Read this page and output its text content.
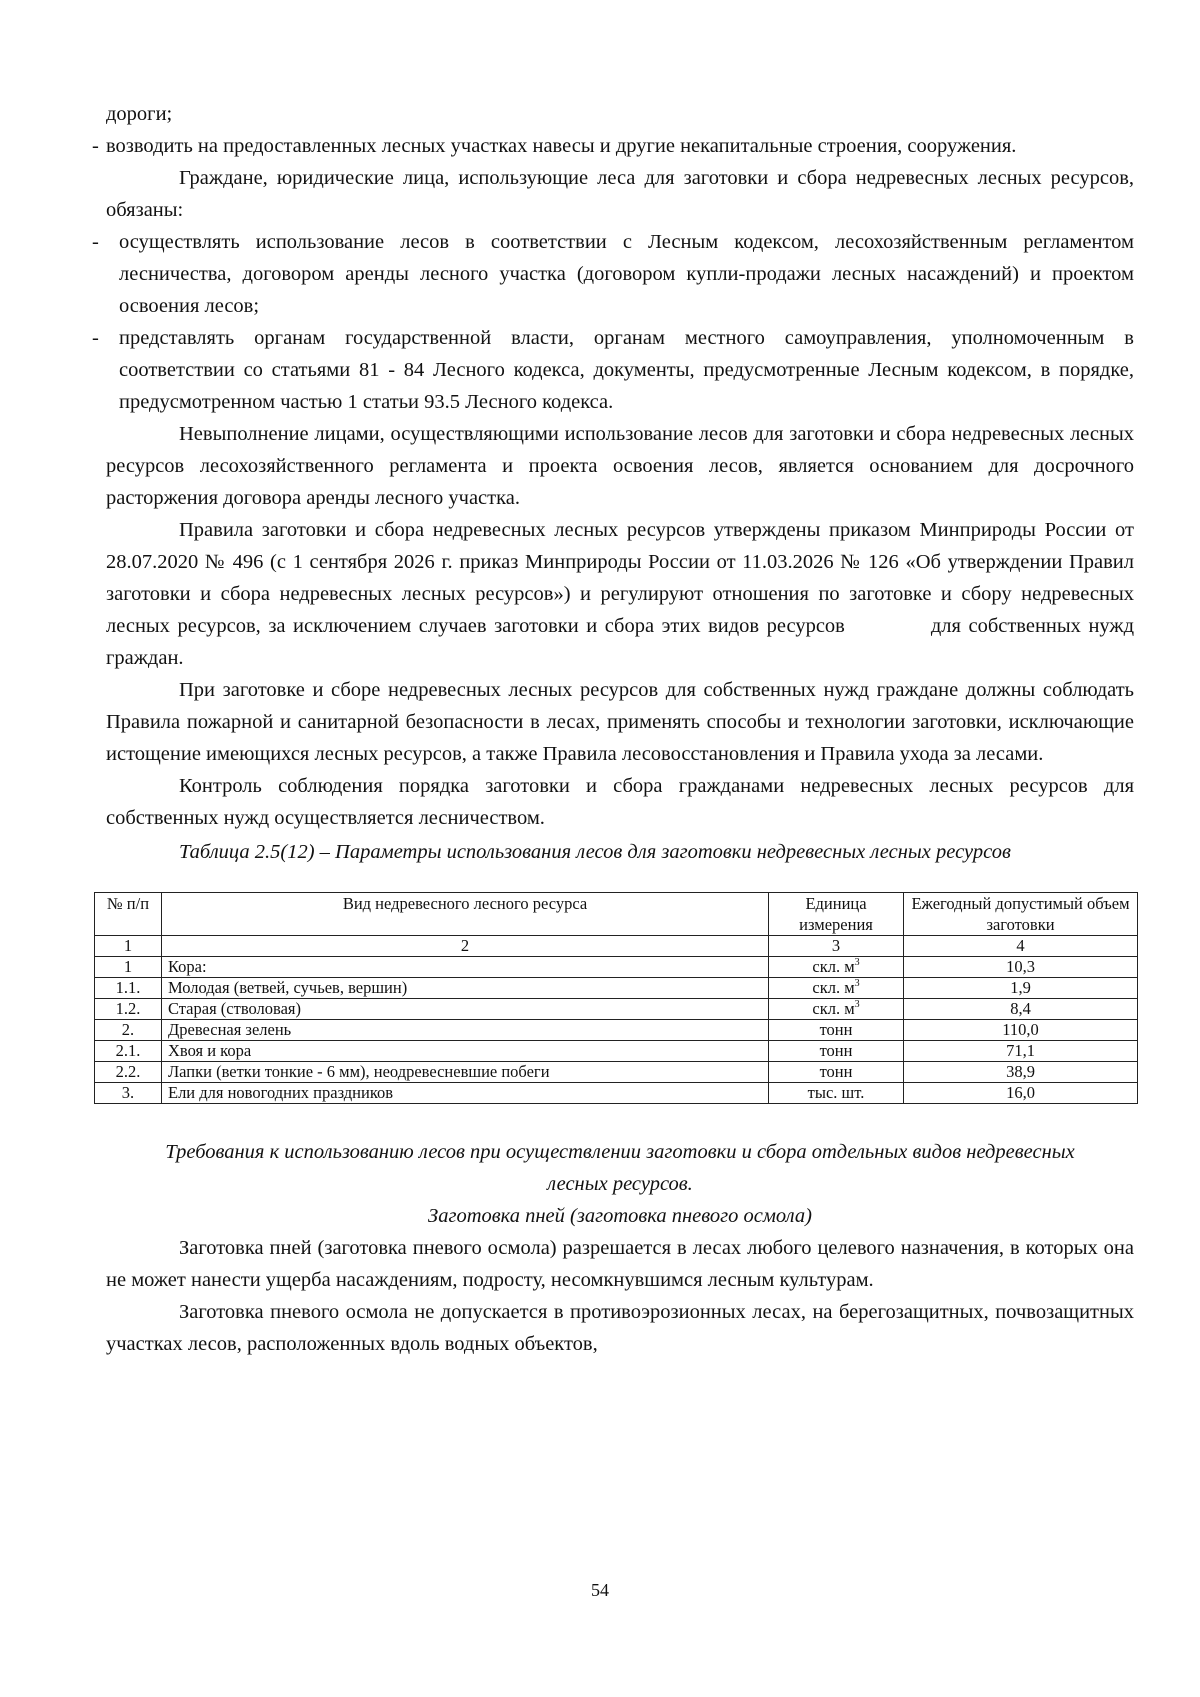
дороги;

- возводить на предоставленных лесных участках навесы и другие некапитальные строения, сооружения.

Граждане, юридические лица, использующие леса для заготовки и сбора недревесных лесных ресурсов, обязаны:

- осуществлять использование лесов в соответствии с Лесным кодексом, лесохозяйственным регламентом лесничества, договором аренды лесного участка (договором купли-продажи лесных насаждений) и проектом освоения лесов;

- представлять органам государственной власти, органам местного самоуправления, уполномоченным в соответствии со статьями 81 - 84 Лесного кодекса, документы, предусмотренные Лесным кодексом, в порядке, предусмотренном частью 1 статьи 93.5 Лесного кодекса.

Невыполнение лицами, осуществляющими использование лесов для заготовки и сбора недревесных лесных ресурсов лесохозяйственного регламента и проекта освоения лесов, является основанием для досрочного расторжения договора аренды лесного участка.

Правила заготовки и сбора недревесных лесных ресурсов утверждены приказом Минприроды России от 28.07.2020 № 496 (с 1 сентября 2026 г. приказ Минприроды России от 11.03.2026 № 126 «Об утверждении Правил заготовки и сбора недревесных лесных ресурсов») и регулируют отношения по заготовке и сбору недревесных лесных ресурсов, за исключением случаев заготовки и сбора этих видов ресурсов	для собственных нужд граждан.

При заготовке и сборе недревесных лесных ресурсов для собственных нужд граждане должны соблюдать Правила пожарной и санитарной безопасности в лесах, применять способы и технологии заготовки, исключающие истощение имеющихся лесных ресурсов, а также Правила лесовосстановления и Правила ухода за лесами.

Контроль соблюдения порядка заготовки и сбора гражданами недревесных лесных ресурсов для собственных нужд осуществляется лесничеством.

Таблица 2.5(12) – Параметры использования лесов для заготовки недревесных лесных ресурсов
№ п/п	Вид недревесного лесного ресурса	Единица измерения	Ежегодный допустимый объем заготовки
1	2	3	4
1	Кора:	скл. $м^3$	10,3
1.1.	Молодая (ветвей, сучьев, вершин)	скл. $м^3$	1,9
1.2.	Старая (стволовая)	скл. $м^3$	8,4
2.	Древесная зелень	тонн	110,0
2.1.	Хвоя и кора	тонн	71,1
2.2.	Лапки (ветки тонкие - 6 мм), неодревесневшие побеги	тонн	38,9
3.	Ели для новогодних праздников	тыс. шт.	16,0
Требования к использованию лесов при осуществлении заготовки и сбора отдельных видов недревесных лесных ресурсов.
Заготовка пней (заготовка пневого осмола)

Заготовка пней (заготовка пневого осмола) разрешается в лесах любого целевого назначения, в которых она не может нанести ущерба насаждениям, подросту, несомкнувшимся лесным культурам.

Заготовка пневого осмола не допускается в противоэрозионных лесах, на берегозащитных, почвозащитных участках лесов, расположенных вдоль водных объектов,

54
